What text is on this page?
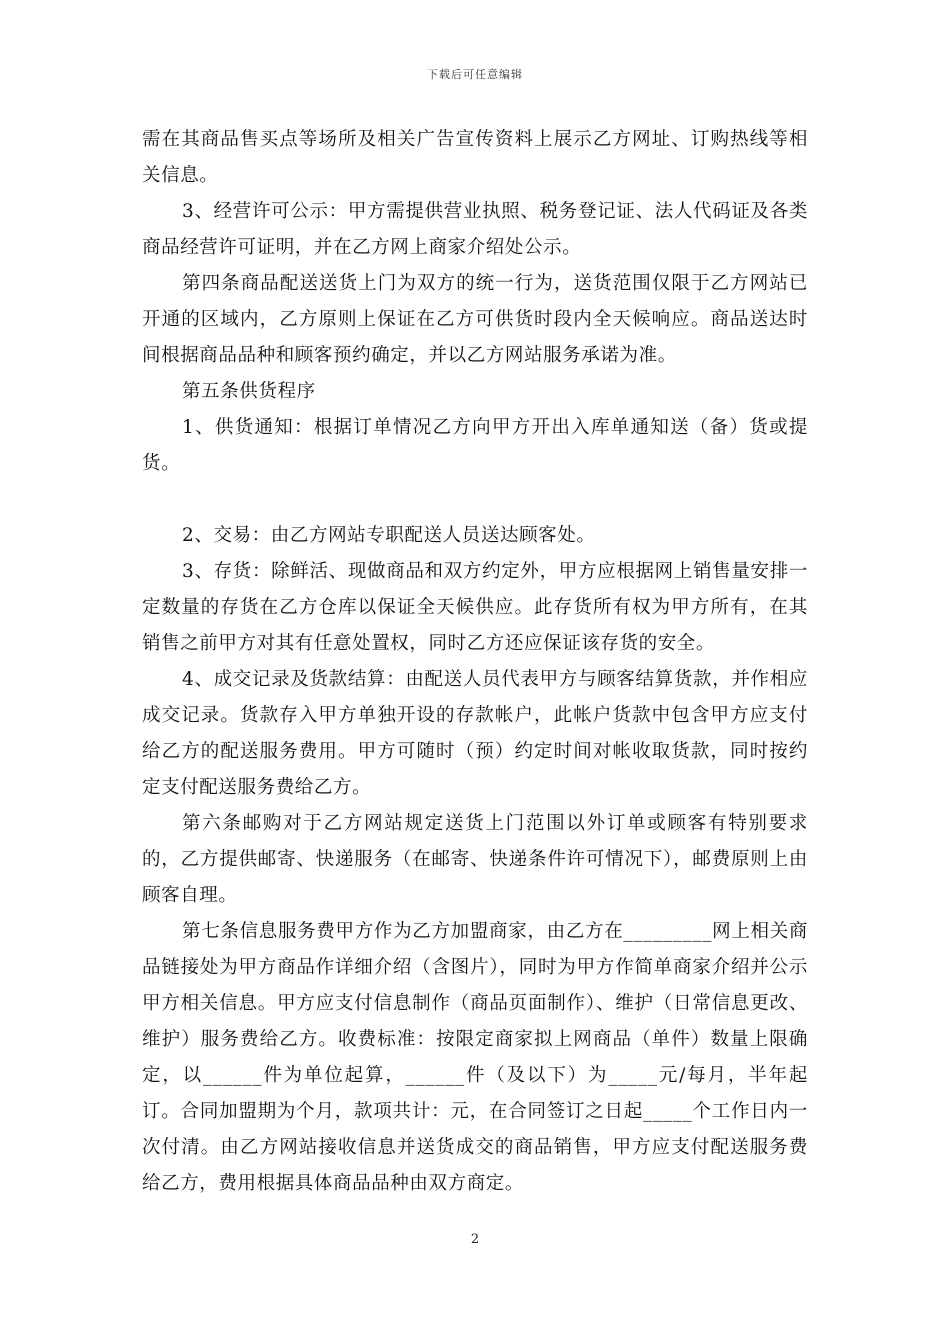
下载后可任意编辑

需在其商品售买点等场所及相关广告宣传资料上展示乙方网址、订购热线等相关信息。

3、经营许可公示：甲方需提供营业执照、税务登记证、法人代码证及各类商品经营许可证明，并在乙方网上商家介绍处公示。

第四条商品配送送货上门为双方的统一行为，送货范围仅限于乙方网站已开通的区域内，乙方原则上保证在乙方可供货时段内全天候响应。商品送达时间根据商品品种和顾客预约确定，并以乙方网站服务承诺为准。

第五条供货程序

1、供货通知：根据订单情况乙方向甲方开出入库单通知送（备）货或提货。

2、交易：由乙方网站专职配送人员送达顾客处。

3、存货：除鲜活、现做商品和双方约定外，甲方应根据网上销售量安排一定数量的存货在乙方仓库以保证全天候供应。此存货所有权为甲方所有，在其销售之前甲方对其有任意处置权，同时乙方还应保证该存货的安全。

4、成交记录及货款结算：由配送人员代表甲方与顾客结算货款，并作相应成交记录。货款存入甲方单独开设的存款帐户，此帐户货款中包含甲方应支付给乙方的配送服务费用。甲方可随时（预）约定时间对帐收取货款，同时按约定支付配送服务费给乙方。

第六条邮购对于乙方网站规定送货上门范围以外订单或顾客有特别要求的，乙方提供邮寄、快递服务（在邮寄、快递条件许可情况下），邮费原则上由顾客自理。

第七条信息服务费甲方作为乙方加盟商家，由乙方在_________网上相关商品链接处为甲方商品作详细介绍（含图片），同时为甲方作简单商家介绍并公示甲方相关信息。甲方应支付信息制作（商品页面制作）、维护（日常信息更改、维护）服务费给乙方。收费标准：按限定商家拟上网商品（单件）数量上限确定，以______件为单位起算，______件（及以下）为_____元/每月，半年起订。合同加盟期为个月，款项共计：元，在合同签订之日起_____个工作日内一次付清。由乙方网站接收信息并送货成交的商品销售，甲方应支付配送服务费给乙方，费用根据具体商品品种由双方商定。

2
